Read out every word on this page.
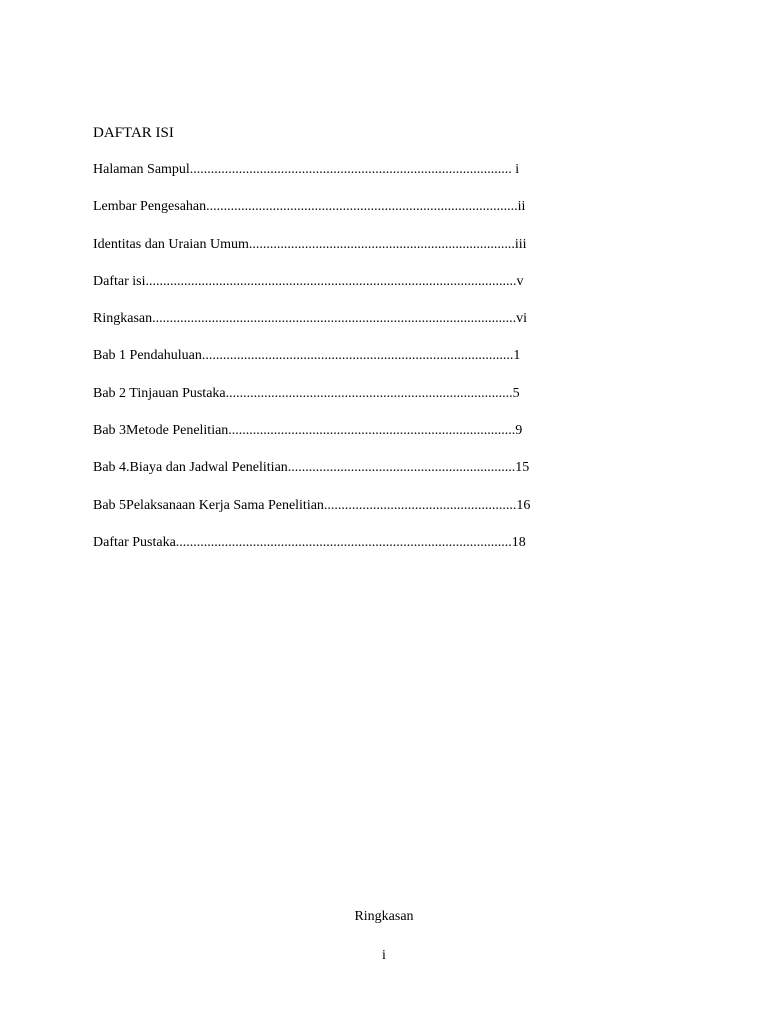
DAFTAR ISI
Halaman Sampul............................................................................................ i
Lembar Pengesahan.........................................................................................ii
Identitas dan Uraian Umum............................................................................iii
Daftar isi..........................................................................................................v
Ringkasan........................................................................................................vi
Bab 1 Pendahuluan.........................................................................................1
Bab 2 Tinjauan Pustaka..................................................................................5
Bab 3Metode Penelitian..................................................................................9
Bab 4.Biaya dan Jadwal Penelitian.................................................................15
Bab 5Pelaksanaan Kerja Sama Penelitian.......................................................16
Daftar Pustaka................................................................................................18
Ringkasan
i
